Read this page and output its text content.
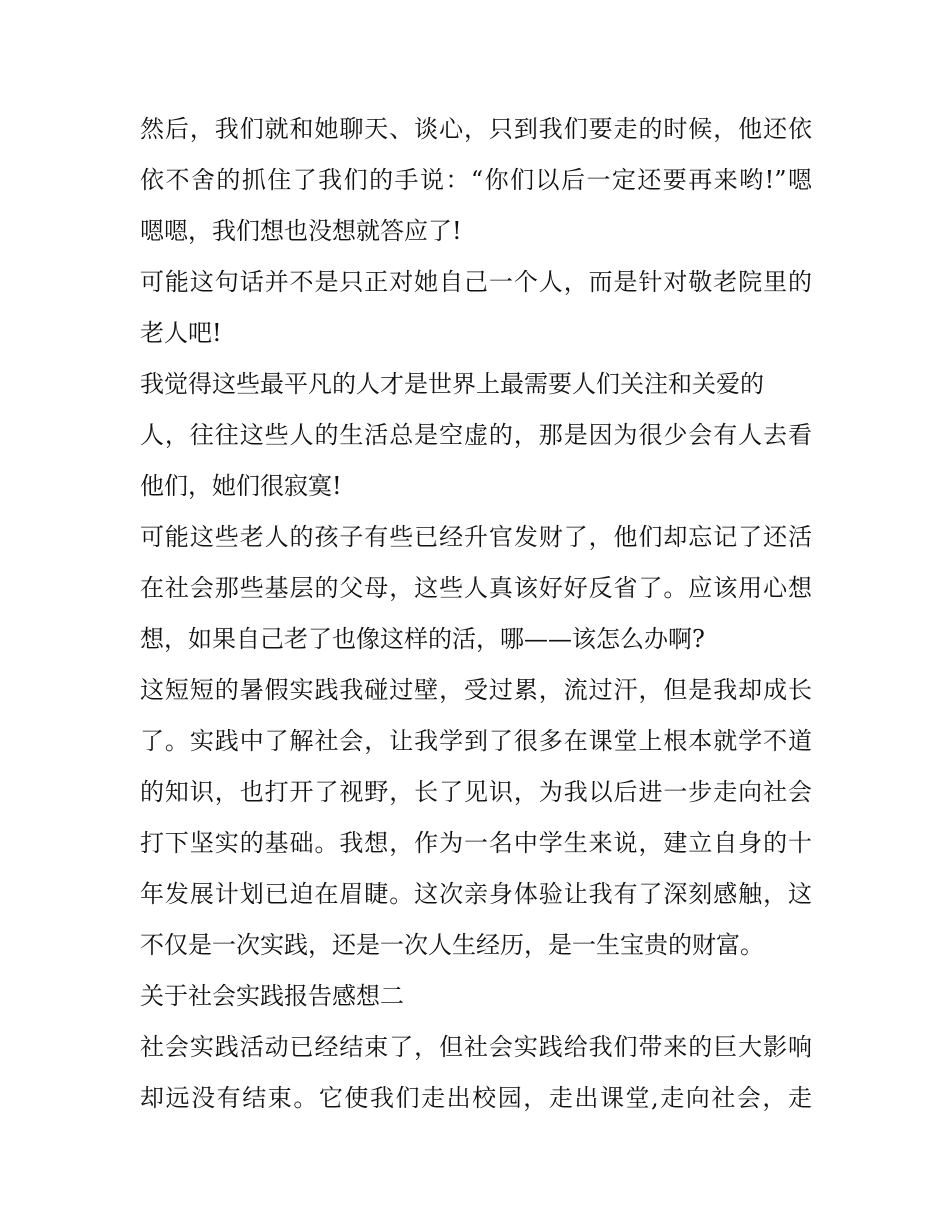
然后，我们就和她聊天、谈心，只到我们要走的时候，他还依
依不舍的抓住了我们的手说：“你们以后一定还要再来哟!”嗯
嗯嗯，我们想也没想就答应了!
可能这句话并不是只正对她自己一个人，而是针对敬老院里的
老人吧!
我觉得这些最平凡的人才是世界上最需要人们关注和关爱的
人，往往这些人的生活总是空虚的，那是因为很少会有人去看
他们，她们很寂寞!
可能这些老人的孩子有些已经升官发财了，他们却忘记了还活
在社会那些基层的父母，这些人真该好好反省了。应该用心想
想，如果自己老了也像这样的活，哪——该怎么办啊?
这短短的暑假实践我碰过壁，受过累，流过汗，但是我却成长
了。实践中了解社会，让我学到了很多在课堂上根本就学不道
的知识，也打开了视野，长了见识，为我以后进一步走向社会
打下坚实的基础。我想，作为一名中学生来说，建立自身的十
年发展计划已迫在眉睫。这次亲身体验让我有了深刻感触，这
不仅是一次实践，还是一次人生经历，是一生宝贵的财富。
关于社会实践报告感想二
社会实践活动已经结束了，但社会实践给我们带来的巨大影响
却远没有结束。它使我们走出校园，走出课堂,走向社会，走
